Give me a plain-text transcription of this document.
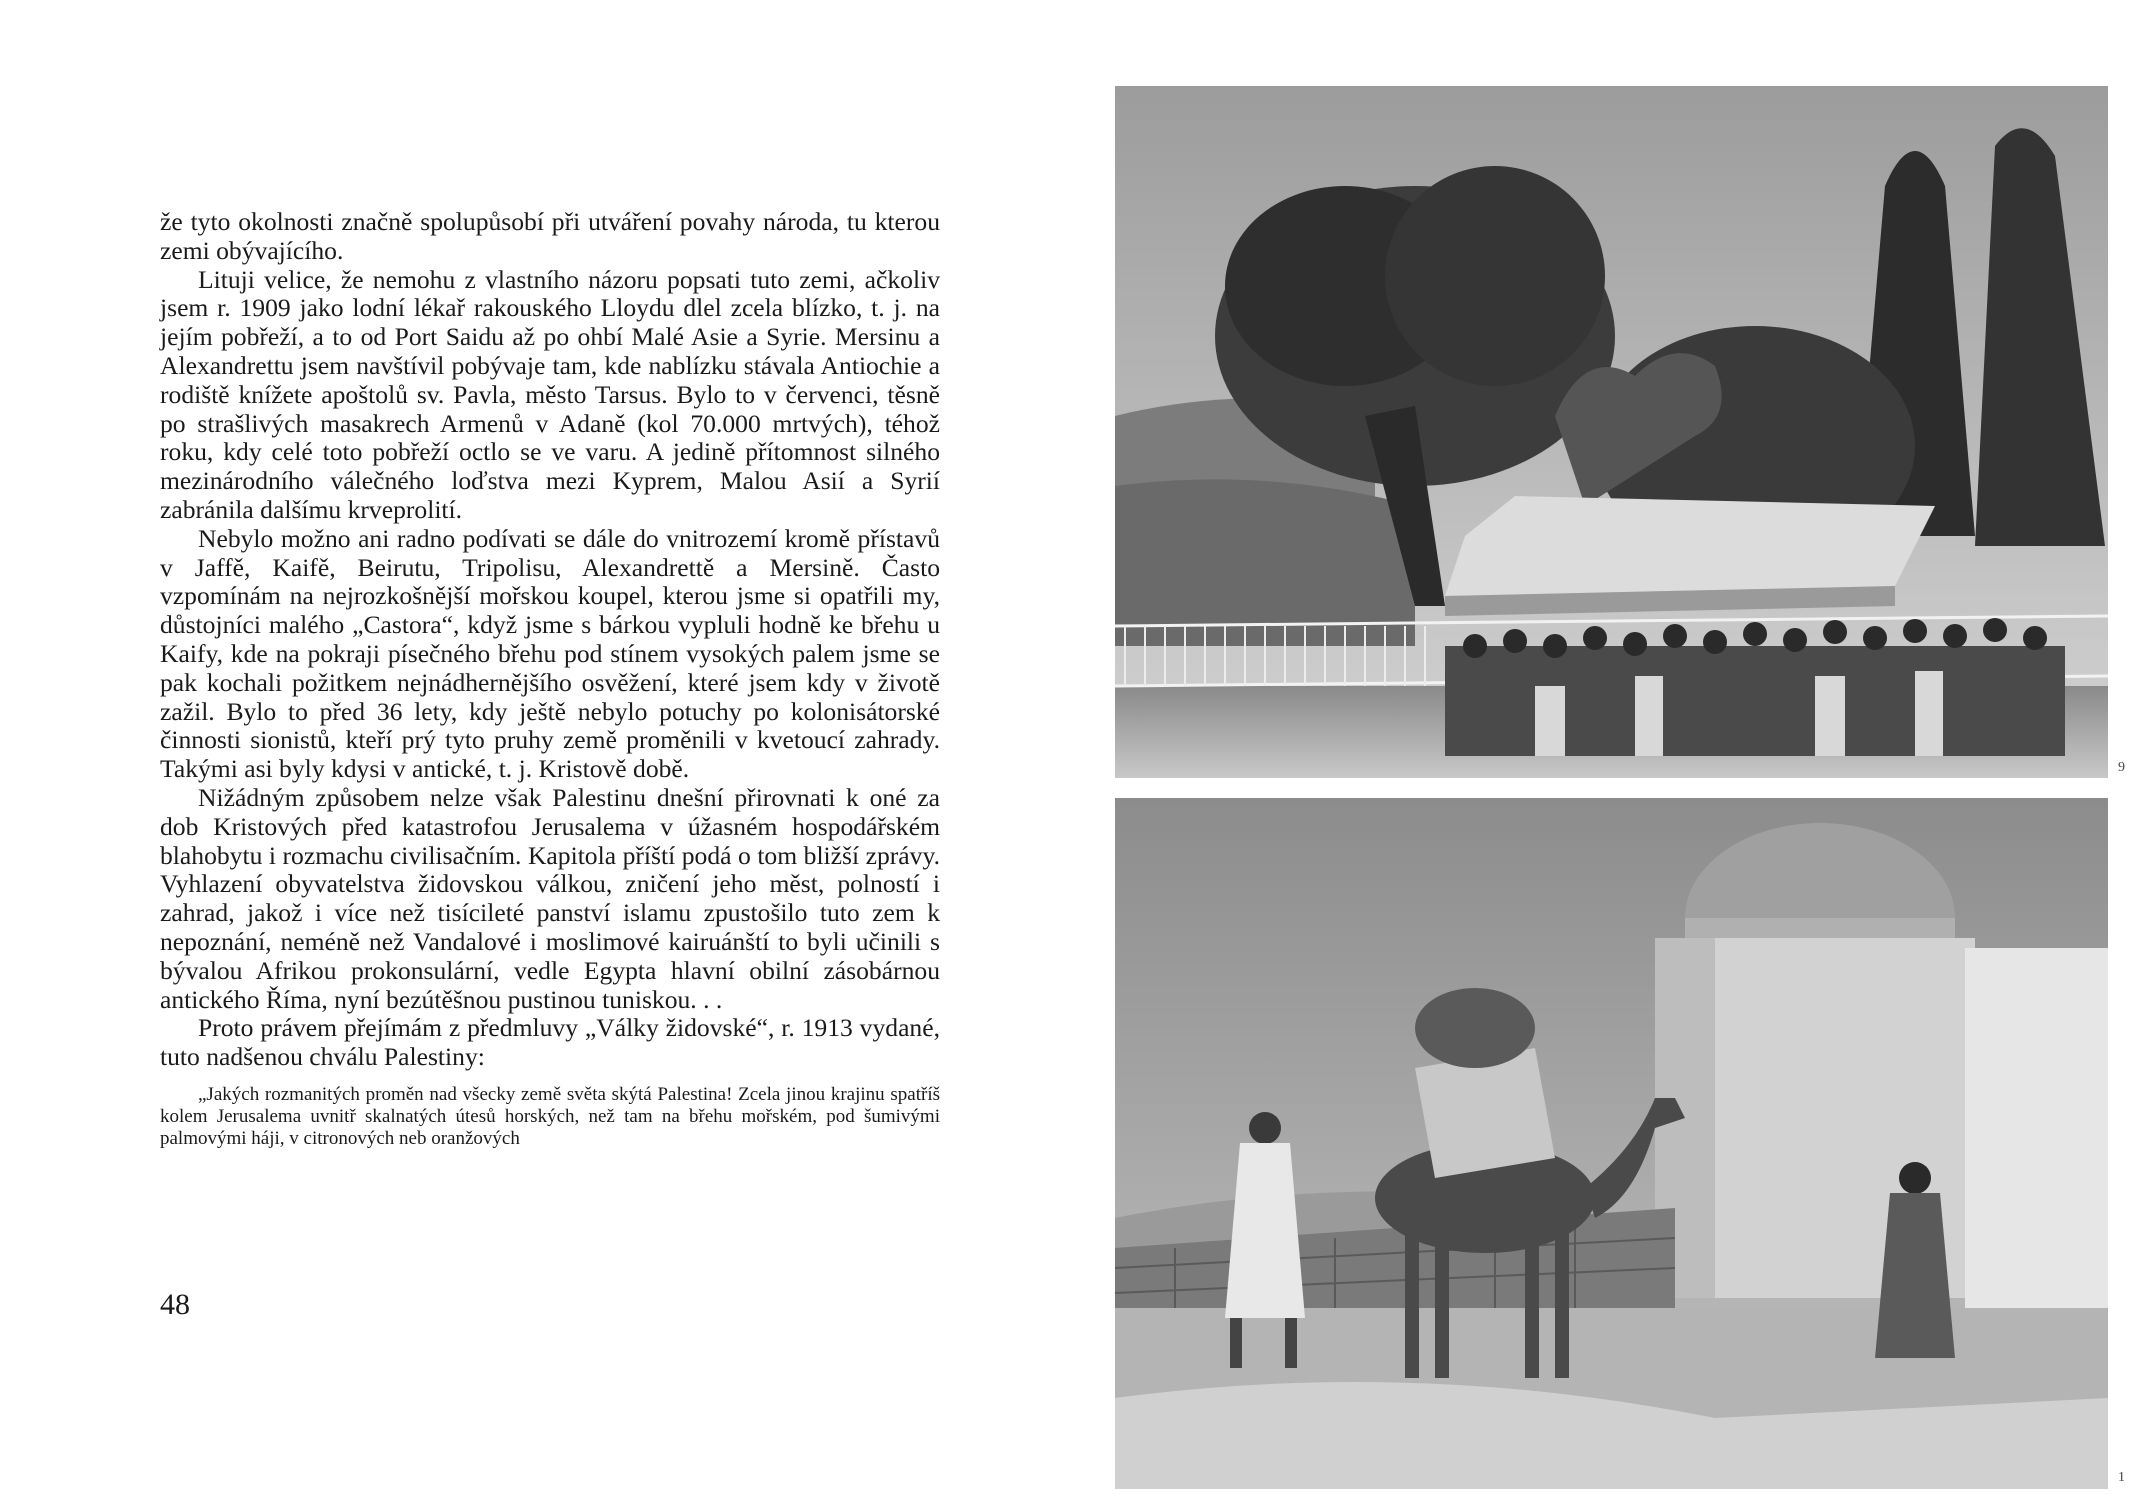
že tyto okolnosti značně spolupůsobí při utváření povahy národa, tu kterou zemi obývajícího.

Lituji velice, že nemohu z vlastního názoru popsati tuto zemi, ačkoliv jsem r. 1909 jako lodní lékař rakouského Lloydu dlel zcela blízko, t. j. na jejím pobřeží, a to od Port Saidu až po ohbí Malé Asie a Syrie. Mersinu a Alexandrettu jsem navštívil pobývaje tam, kde nablízku stávala Antiochie a rodiště knížete apoštolů sv. Pavla, město Tarsus. Bylo to v červenci, těsně po strašlivých masakrech Armenů v Adaně (kol 70.000 mrtvých), téhož roku, kdy celé toto pobřeží octlo se ve varu. A jedině přítomnost silného mezinárodního válečného loďstva mezi Kyprem, Malou Asií a Syrií zabránila dalšímu krveprolití.

Nebylo možno ani radno podívati se dále do vnitrozemí kromě přístavů v Jaffě, Kaifě, Beirutu, Tripolisu, Alexandrettě a Mersině. Často vzpomínám na nejrozkošnější mořskou koupel, kterou jsme si opatřili my, důstojníci malého „Castora“, když jsme s bárkou vypluli hodně ke břehu u Kaify, kde na pokraji písečného břehu pod stínem vysokých palem jsme se pak kochali požitkem nejnádhernějšího osvěžení, které jsem kdy v životě zažil. Bylo to před 36 lety, kdy ještě nebylo potuchy po kolonisátorské činnosti sionistů, kteří prý tyto pruhy země proměnili v kvetoucí zahrady. Takými asi byly kdysi v antické, t. j. Kristově době.

Nižádným způsobem nelze však Palestinu dnešní přirovnati k oné za dob Kristových před katastrofou Jerusalema v úžasném hospodářském blahobytu i rozmachu civilisačním. Kapitola příští podá o tom bližší zprávy. Vyhlazení obyvatelstva židovskou válkou, zničení jeho měst, polností i zahrad, jakož i více než tisícileté panství islamu zpustošilo tuto zem k nepoznání, neméně než Vandalové i moslimové kairuánští to byli učinili s bývalou Afrikou prokonsulární, vedle Egypta hlavní obilní zásobárnou antického Říma, nyní bezútěšnou pustinou tuniskou. . .

Proto právem přejímám z předmluvy „Války židovské“, r. 1913 vydané, tuto nadšenou chválu Palestiny:

„Jakých rozmanitých proměn nad všecky země světa skýtá Palestina! Zcela jinou krajinu spatříš kolem Jerusalema uvnitř skalnatých útesů horských, než tam na břehu mořském, pod šumivými palmovými háji, v citronových neb oranžových

48
9
1
